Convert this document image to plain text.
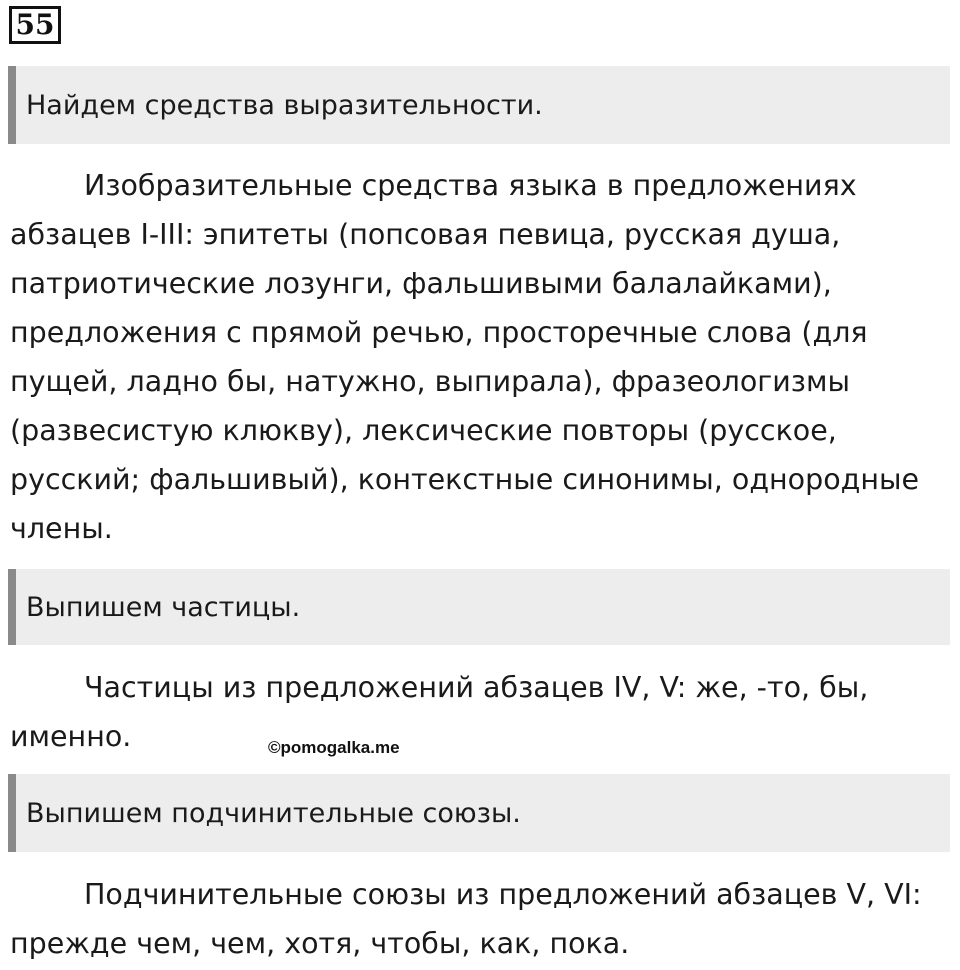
55
Найдем средства выразительности.
Изобразительные средства языка в предложениях
абзацев I-III: эпитеты (попсовая певица, русская душа,
патриотические лозунги, фальшивыми балалайками),
предложения с прямой речью, просторечные слова (для
пущей, ладно бы, натужно, выпирала), фразеологизмы
(развесистую клюкву), лексические повторы (русское,
русский; фальшивый), контекстные синонимы, однородные
члены.
Выпишем частицы.
Частицы из предложений абзацев IV, V: же, -то, бы,
именно.	©pomogalka.me
Выпишем подчинительные союзы.
Подчинительные союзы из предложений абзацев V, VI:
прежде чем, чем, хотя, чтобы, как, пока.
